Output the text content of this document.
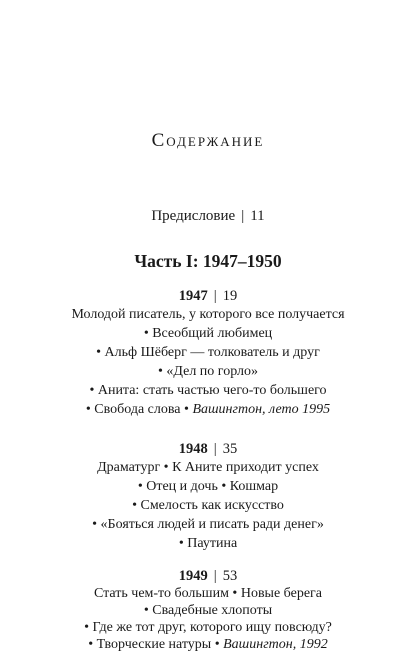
Содержание
Предисловие | 11
Часть I: 1947–1950
1947 | 19
Молодой писатель, у которого все получается
• Всеобщий любимец
• Альф Шёберг — толкователь и друг
• «Дел по горло»
• Анита: стать частью чего-то большего
• Свобода слова • Вашингтон, лето 1995
1948 | 35
Драматург • К Аните приходит успех
• Отец и дочь • Кошмар
• Смелость как искусство
• «Бояться людей и писать ради денег»
• Паутина
1949 | 53
Стать чем-то большим • Новые берега
• Свадебные хлопоты
• Где же тот друг, которого ищу повсюду?
• Творческие натуры • Вашингтон, 1992
